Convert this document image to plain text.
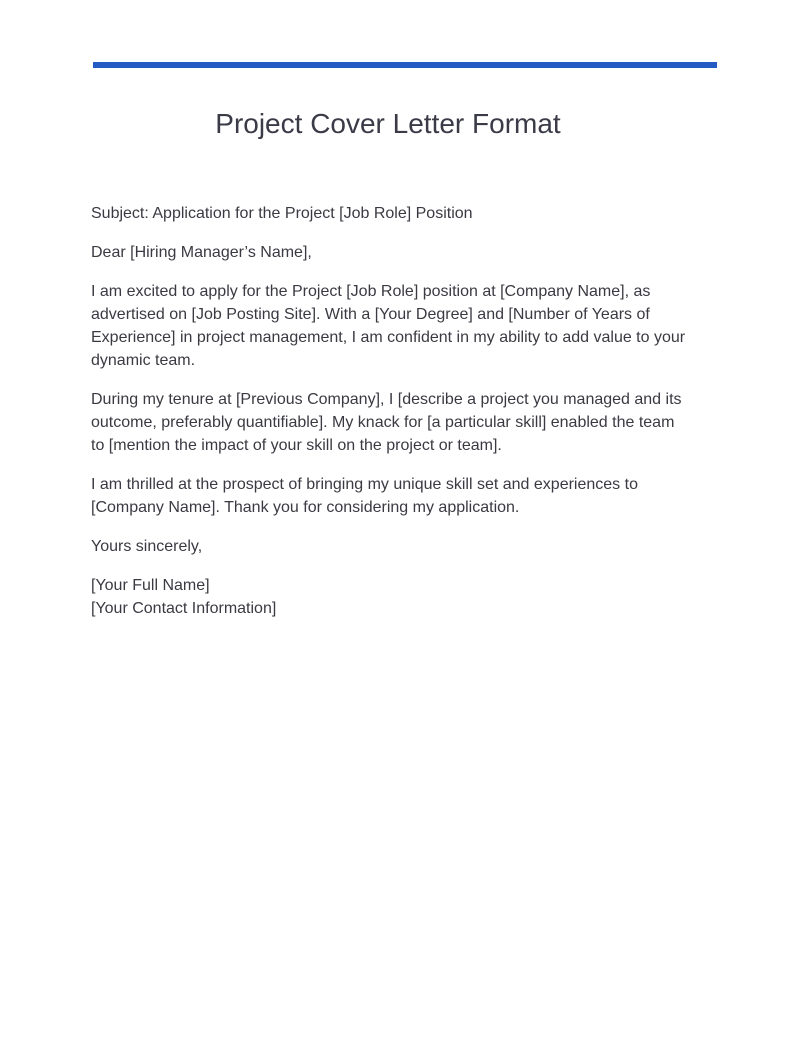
Project Cover Letter Format

Subject: Application for the Project [Job Role] Position

Dear [Hiring Manager’s Name],

I am excited to apply for the Project [Job Role] position at [Company Name], as advertised on [Job Posting Site]. With a [Your Degree] and [Number of Years of Experience] in project management, I am confident in my ability to add value to your dynamic team.

During my tenure at [Previous Company], I [describe a project you managed and its outcome, preferably quantifiable]. My knack for [a particular skill] enabled the team to [mention the impact of your skill on the project or team].

I am thrilled at the prospect of bringing my unique skill set and experiences to [Company Name]. Thank you for considering my application.

Yours sincerely,

[Your Full Name]
[Your Contact Information]
